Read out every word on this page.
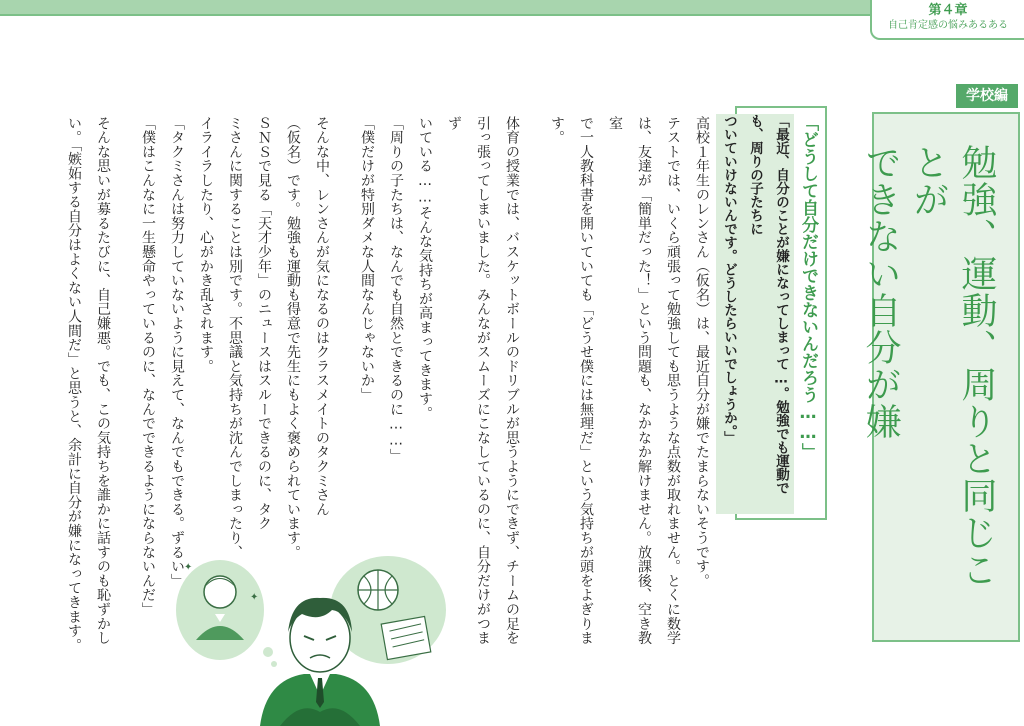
第４章
自己肯定感の悩みあるある
学校編
勉強、運動、周りと同じことが
できない自分が嫌
「どうして自分だけできないんだろう……」
「最近、自分のことが嫌になってしまって…。勉強でも運動でも、周りの子たちに
ついていけないんです。どうしたらいいでしょうか。」
高校１年生のレンさん（仮名）は、最近自分が嫌でたまらないそうです。
テストでは、いくら頑張って勉強しても思うような点数が取れません。とくに数学
は、友達が「簡単だった！」という問題も、なかなか解けません。放課後、空き教室
で一人教科書を開いていても「どうせ僕には無理だ」という気持ちが頭をよぎります。
体育の授業では、バスケットボールのドリブルが思うようにできず、チームの足を
引っ張ってしまいました。みんながスムーズにこなしているのに、自分だけがつまず
いている……そんな気持ちが高まってきます。
「周りの子たちは、なんでも自然とできるのに……」
「僕だけが特別ダメな人間なんじゃないか」
そんな中、レンさんが気になるのはクラスメイトのタクミさん
（仮名）です。勉強も運動も得意で先生にもよく褒められています。
ＳＮＳで見る「天才少年」のニュースはスルーできるのに、タク
ミさんに関することは別です。不思議と気持ちが沈んでしまったり、
イライラしたり、心がかき乱されます。
「タクミさんは努力していないように見えて、なんでもできる。ずるい」
「僕はこんなに一生懸命やっているのに、なんでできるようにならないんだ」
そんな思いが募るたびに、自己嫌悪。でも、この気持ちを誰かに話すのも恥ずかし
い。「嫉妬する自分はよくない人間だ」と思うと、余計に自分が嫌になってきます。	✦
✦
